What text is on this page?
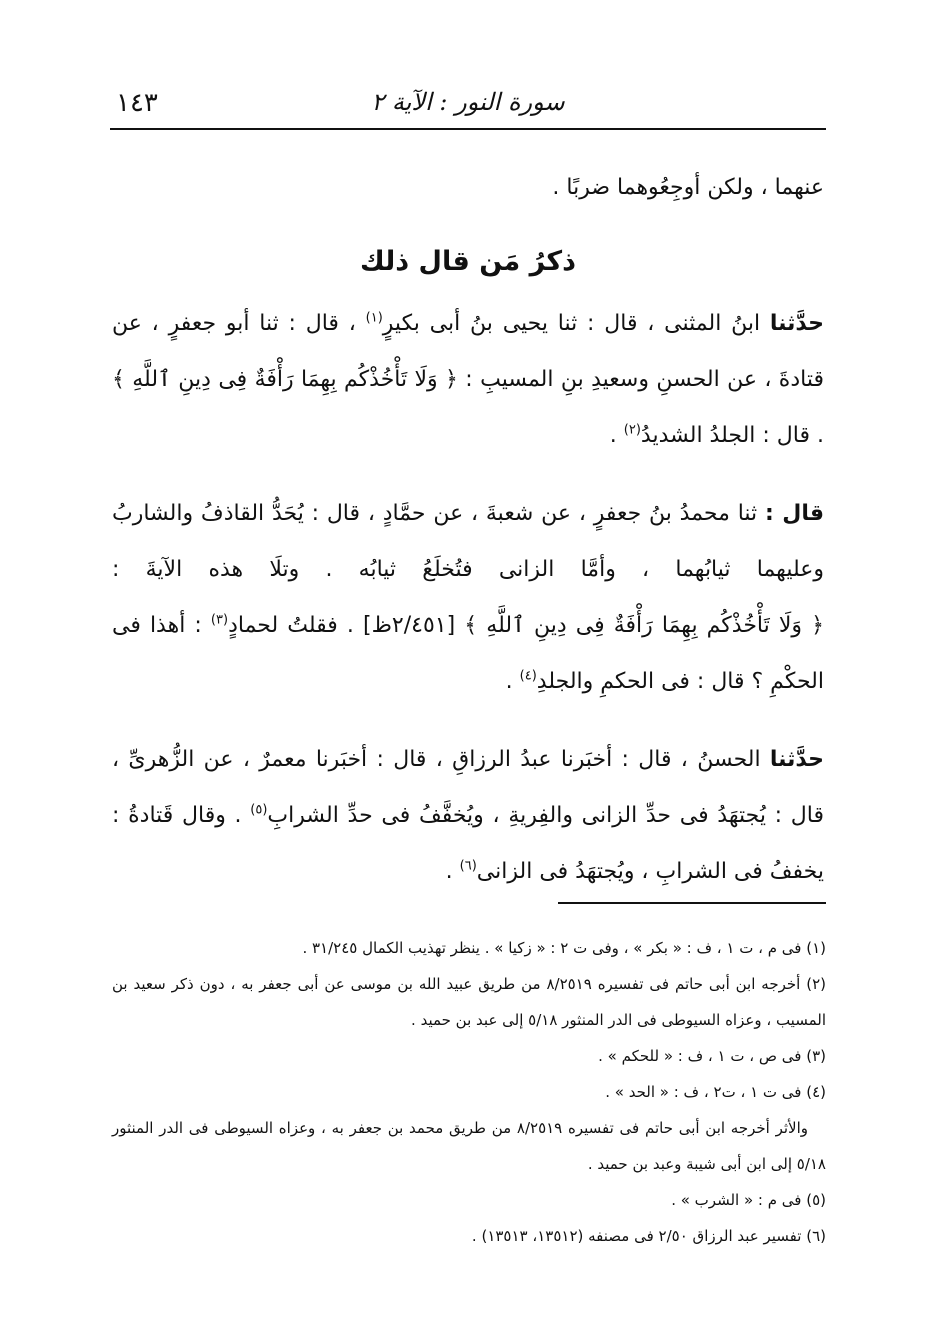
١٤٣	سورة النور : الآية ٢

عنهما ، ولكن أوجِعُوهما ضربًا .

ذكرُ مَن قال ذلك

حدَّثنا ابنُ المثنى ، قال : ثنا يحيى بنُ أبى بكيرٍ$^{(١)}$ ، قال : ثنا أبو جعفرٍ ، عن قتادةَ ، عن الحسنِ وسعيدِ بنِ المسيبِ : ﴿ وَلَا تَأْخُذْكُم بِهِمَا رَأْفَةٌ فِى دِينِ ٱللَّهِ ﴾ . قال : الجلدُ الشديدُ$^{(٢)}$ .

قال : ثنا محمدُ بنُ جعفرٍ ، عن شعبةَ ، عن حمَّادٍ ، قال : يُحَدُّ القاذفُ والشاربُ وعليهما ثيابُهما ، وأمَّا الزانى فتُخلَعُ ثيابُه . وتلَا هذه الآيةَ : ﴿ وَلَا تَأْخُذْكُم بِهِمَا رَأْفَةٌ فِى دِينِ ٱللَّهِ ﴾ [٢/٤٥١ظ] . فقلتُ لحمادٍ$^{(٣)}$ : أهذا فى الحكْمِ ؟ قال : فى الحكمِ والجلدِ$^{(٤)}$ .

حدَّثنا الحسنُ ، قال : أخبَرنا عبدُ الرزاقِ ، قال : أخبَرنا معمرٌ ، عن الزُّهرىِّ ، قال : يُجتهَدُ فى حدِّ الزانى والفِريةِ ، ويُخفَّفُ فى حدِّ الشرابِ$^{(٥)}$ . وقال قَتادةُ : يخففُ فى الشرابِ ، ويُجتهَدُ فى الزانى$^{(٦)}$ .

(١) فى م ، ت ١ ، ف : « بكر » ، وفى ت ٢ : « زكيا » . ينظر تهذيب الكمال ٣١/٢٤٥ .

(٢) أخرجه ابن أبى حاتم فى تفسيره ٨/٢٥١٩ من طريق عبيد الله بن موسى عن أبى جعفر به ، دون ذكر سعيد بن المسيب ، وعزاه السيوطى فى الدر المنثور ٥/١٨ إلى عبد بن حميد .

(٣) فى ص ، ت ١ ، ف : « للحكم » .

(٤) فى ت ١ ، ت٢ ، ف : « الحد » .

والأثر أخرجه ابن أبى حاتم فى تفسيره ٨/٢٥١٩ من طريق محمد بن جعفر به ، وعزاه السيوطى فى الدر المنثور ٥/١٨ إلى ابن أبى شيبة وعبد بن حميد .

(٥) فى م : « الشرب » .

(٦) تفسير عبد الرزاق ٢/٥٠ فى مصنفه (١٣٥١٢، ١٣٥١٣) .
